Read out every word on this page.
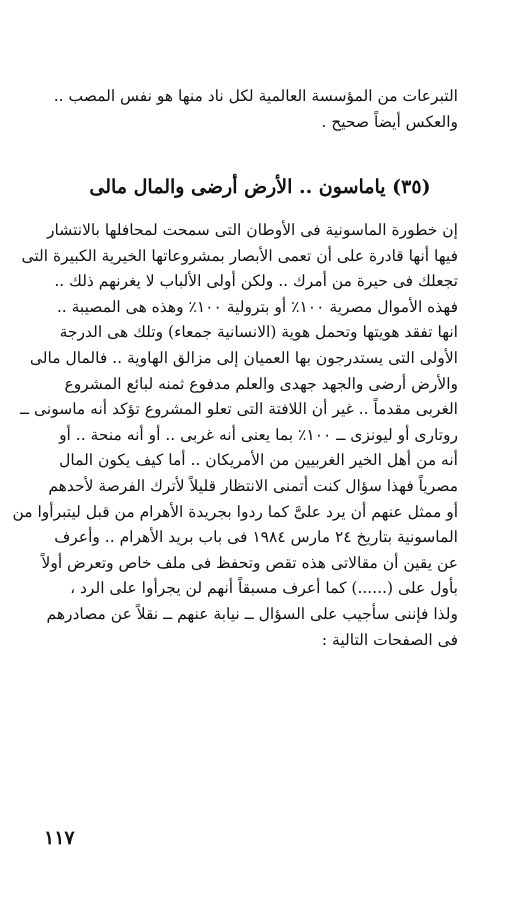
التبرعات من المؤسسة العالمية لكل ناد منها هو نفس المصب ..
والعكس أيضاً صحيح .
(٣٥) ياماسون .. الأرض أرضى والمال مالى
إن خطورة الماسونية فى الأوطان التى سمحت لمحافلها بالانتشار
فيها أنها قادرة على أن تعمى الأبصار بمشروعاتها الخيرية الكبيرة التى
تجعلك فى حيرة من أمرك .. ولكن أولى الألباب لا يغرنهم ذلك ..
فهذه الأموال مصرية ١٠٠٪ أو بترولية ١٠٠٪ وهذه هى المصيبة ..
انها تفقد هويتها وتحمل هوية (الانسانية جمعاء) وتلك هى الدرجة
الأولى التى يستدرجون بها العميان إلى مزالق الهاوية .. فالمال مالى
والأرض أرضى والجهد جهدى والعلم مدفوع ثمنه لبائع المشروع
الغربى مقدماً .. غير أن اللافتة التى تعلو المشروع تؤكد أنه ماسونى ــ
روتارى أو ليونزى ــ ١٠٠٪ بما يعنى أنه غربى .. أو أنه منحة .. أو
أنه من أهل الخير الغربيين من الأمريكان .. أما كيف يكون المال
مصرياً فهذا سؤال كنت أتمنى الانتظار قليلاً لأترك الفرصة لأحدهم
أو ممثل عنهم أن يرد علىَّ كما ردوا بجريدة الأهرام من قبل ليتبرأوا من
الماسونية بتاريخ ٢٤ مارس ١٩٨٤ فى باب بريد الأهرام .. وأعرف
عن يقين أن مقالاتى هذه تقص وتحفظ فى ملف خاص وتعرض أولاً
بأول على (......) كما أعرف مسبقاً أنهم لن يجرأوا على الرد ،
ولذا فإننى سأجيب على السؤال ــ نيابة عنهم ــ نقلاً عن مصادرهم
فى الصفحات التالية :
١١٧
